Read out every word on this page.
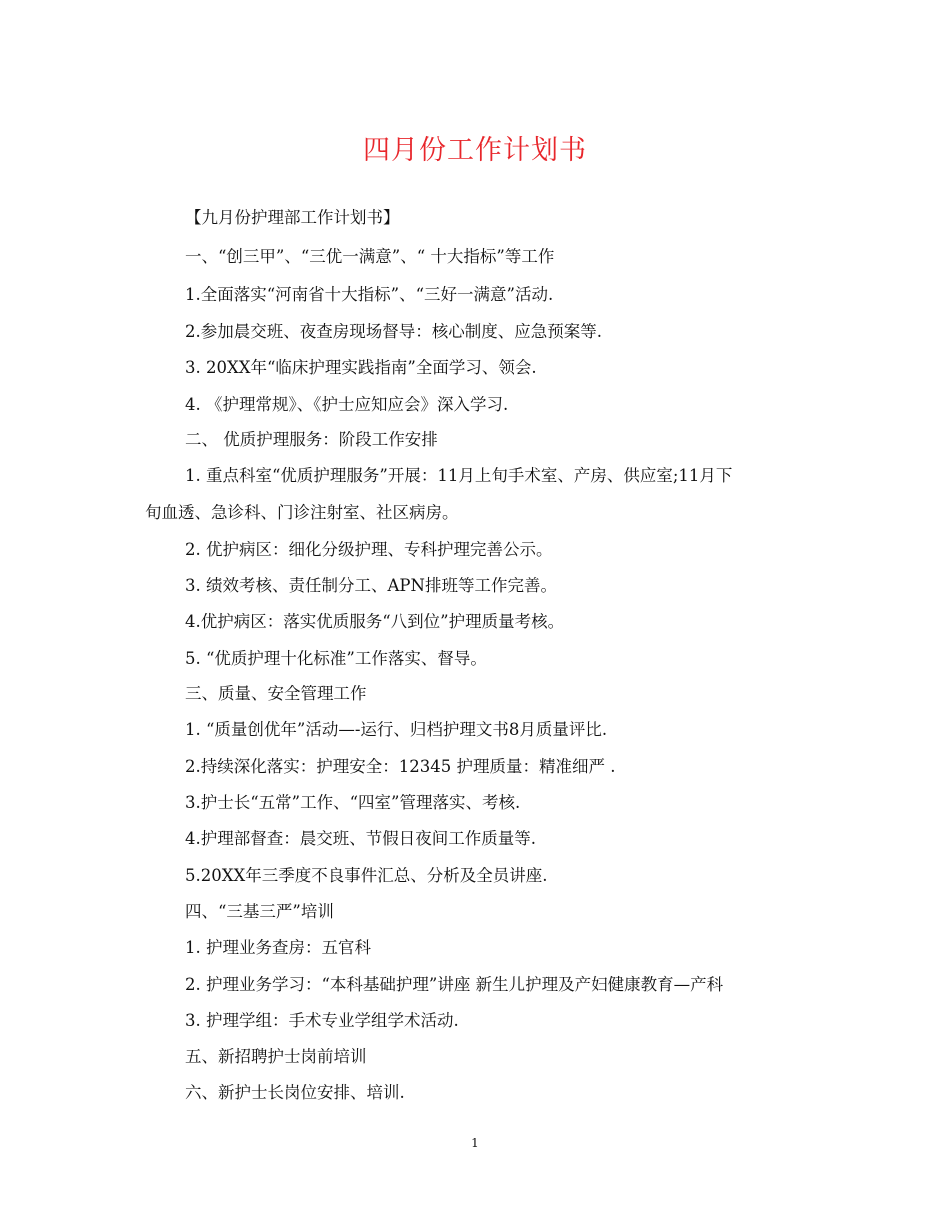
四月份工作计划书

【九月份护理部工作计划书】

一、“创三甲”、“三优一满意”、“ 十大指标”等工作

1.全面落实“河南省十大指标”、“三好一满意”活动.

2.参加晨交班、夜查房现场督导：核心制度、应急预案等.

3. 20XX年“临床护理实践指南”全面学习、领会.

4. 《护理常规》、《护士应知应会》深入学习.

二、 优质护理服务：阶段工作安排

1. 重点科室“优质护理服务”开展：11月上旬手术室、产房、供应室;11月下

旬血透、急诊科、门诊注射室、社区病房。

2. 优护病区：细化分级护理、专科护理完善公示。

3. 绩效考核、责任制分工、APN排班等工作完善。

4.优护病区：落实优质服务“八到位”护理质量考核。

5. “优质护理十化标准”工作落实、督导。

三、质量、安全管理工作

1. “质量创优年”活动—-运行、归档护理文书8月质量评比.

2.持续深化落实：护理安全：12345 护理质量：精准细严 .

3.护士长“五常”工作、“四室”管理落实、考核.

4.护理部督查：晨交班、节假日夜间工作质量等.

5.20XX年三季度不良事件汇总、分析及全员讲座.

四、“三基三严”培训

1. 护理业务查房：五官科

2. 护理业务学习：“本科基础护理”讲座 新生儿护理及产妇健康教育—产科

3. 护理学组：手术专业学组学术活动.

五、新招聘护士岗前培训

六、新护士长岗位安排、培训.

1
